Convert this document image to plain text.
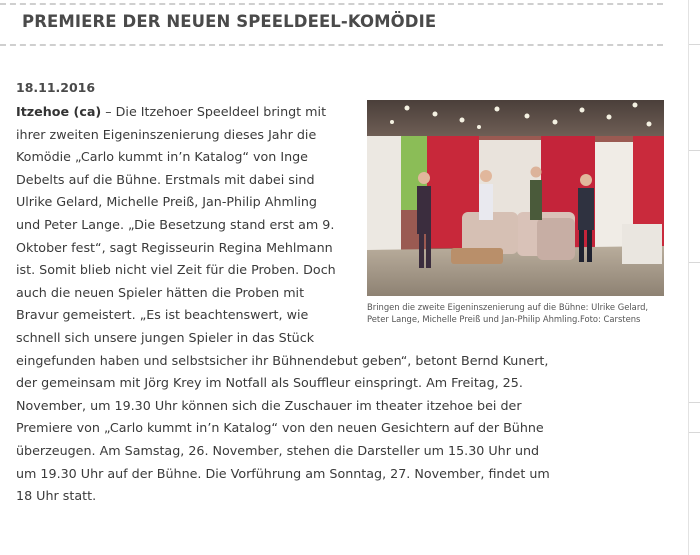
PREMIERE DER NEUEN SPEELDEEL-KOMÖDIE
18.11.2016
Itzehoe (ca) – Die Itzehoer Speeldeel bringt mit
ihrer zweiten Eigeninszenierung dieses Jahr die
Komödie „Carlo kummt in’n Katalog“ von Inge
Debelts auf die Bühne. Erstmals mit dabei sind
Ulrike Gelard, Michelle Preiß, Jan-Philip Ahmling
und Peter Lange. „Die Besetzung stand erst am 9.
Oktober fest“, sagt Regisseurin Regina Mehlmann
ist. Somit blieb nicht viel Zeit für die Proben. Doch
auch die neuen Spieler hätten die Proben mit
Bravur gemeistert. „Es ist beachtenswert, wie
schnell sich unsere jungen Spieler in das Stück
eingefunden haben und selbstsicher ihr Bühnendebut geben“, betont Bernd Kunert,
der gemeinsam mit Jörg Krey im Notfall als Souffleur einspringt. Am Freitag, 25.
November, um 19.30 Uhr können sich die Zuschauer im theater itzehoe bei der
Premiere von „Carlo kummt in’n Katalog“ von den neuen Gesichtern auf der Bühne
überzeugen. Am Samstag, 26. November, stehen die Darsteller um 15.30 Uhr und
um 19.30 Uhr auf der Bühne. Die Vorführung am Sonntag, 27. November, findet um
18 Uhr statt.
Bringen die zweite Eigeninszenierung auf die Bühne: Ulrike Gelard,
Peter Lange, Michelle Preiß und Jan-Philip Ahmling.Foto: Carstens
